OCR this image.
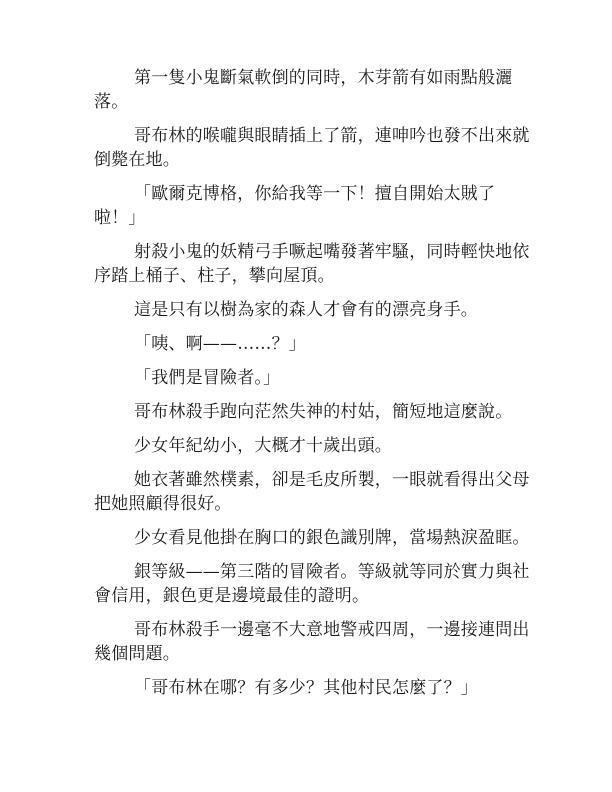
第一隻小鬼斷氣軟倒的同時，木芽箭有如雨點般灑落。

哥布林的喉嚨與眼睛插上了箭，連呻吟也發不出來就倒斃在地。

「歐爾克博格，你給我等一下！擅自開始太賊了啦！」

射殺小鬼的妖精弓手噘起嘴發著牢騷，同時輕快地依序踏上桶子、柱子，攀向屋頂。

這是只有以樹為家的森人才會有的漂亮身手。

「咦、啊——……？」

「我們是冒險者。」

哥布林殺手跑向茫然失神的村姑，簡短地這麼說。

少女年紀幼小，大概才十歲出頭。

她衣著雖然樸素，卻是毛皮所製，一眼就看得出父母把她照顧得很好。

少女看見他掛在胸口的銀色識別牌，當場熱淚盈眶。

銀等級——第三階的冒險者。等級就等同於實力與社會信用，銀色更是邊境最佳的證明。

哥布林殺手一邊毫不大意地警戒四周，一邊接連問出幾個問題。

「哥布林在哪？有多少？其他村民怎麼了？」
